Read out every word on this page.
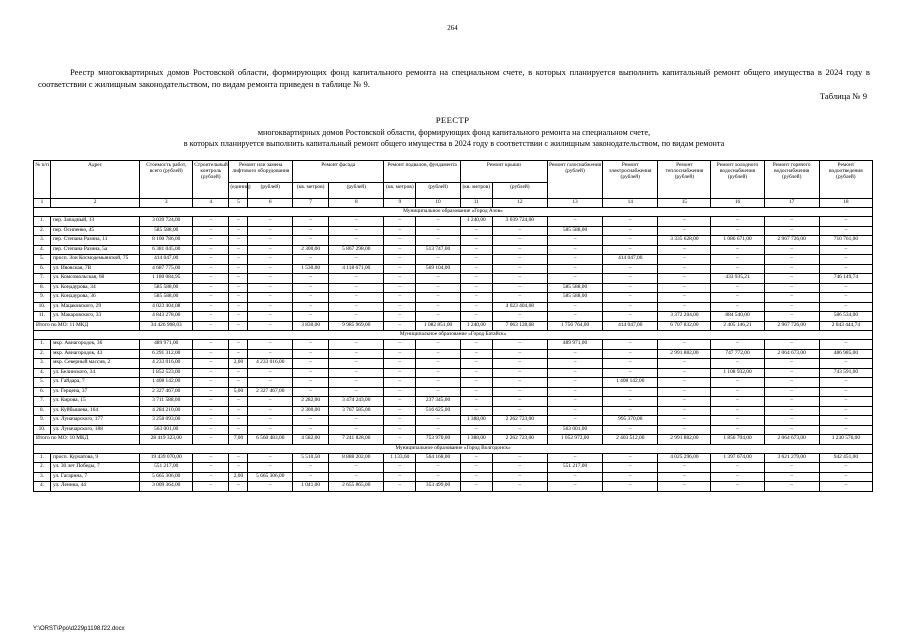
264
Реестр многоквартирных домов Ростовской области, формирующих фонд капитального ремонта на специальном счете, в которых планируется выполнить капитальный ремонт общего имущества в 2024 году в соответствии с жилищным законодательством, по видам ремонта приведен в таблице № 9.
Таблица № 9
РЕЕСТР
многоквартирных домов Ростовской области, формирующих фонд капитального ремонта на специальном счете,
в которых планируется выполнить капитальный ремонт общего имущества в 2024 году в соответствии с жилищным законодательством, по видам ремонта
№ п/п	Адрес	Стоимость работ, всего (рублей)	Строительный контроль (рублей)	Ремонт или замена лифтового оборудования		Ремонт фасада		Ремонт подвалов, фундамента		Ремонт крыши		Ремонт газоснабжения (рублей)	Ремонт электроснабжения (рублей)	Ремонт теплоснабжения (рублей)	Ремонт холодного водоснабжения (рублей)	Ремонт горячего водоснабжения (рублей)	Ремонт водоотведения (рублей)
				(единиц)	(рублей)	(кв. метров)	(рублей)	(кв. метров)	(рублей)	(кв. метров)	(рублей)						
1	2	3	4	5	6	7	8	9	10	11	12	13	14	15	16	17	18
Муниципальное образование «Город Азов»																	
1.	пер. Западный, 13	3 039 724,00	–	–	–	–	–	–	–	1 240,00	3 039 724,00	–	–	–	–	–	–
2.	пер. Осипенко, 45	585 588,00	–	–	–	–	–	–	–	–	–	585 588,00	–	–	–	–	–
3.	пер. Степана Разина, 11	8 100 786,00	–	–	–	–	–	–	–	–	–	–	–	3 335 628,00	1 086 671,00	2 967 726,00	710 761,00
4.	пер. Степана Разина, 5а	6 381 045,00	–	–	–	2 300,00	5 867 298,00	–	513 747,00	–	–	–	–	–	–	–	–
5.	просп. Зои Космодемьянской, 75	414 047,00	–	–	–	–	–	–	–	–	–	–	414 047,00	–	–	–	–
6.	ул. Ивовская, 7В	4 687 775,00	–	–	–	1 530,00	4 118 671,00	–	569 104,00	–	–	–	–	–	–	–	–
7.	ул. Комсомольская, 68	1 180 084,95	–	–	–	–	–	–	–	–	–	–	–	–	433 935,21	–	746 149,74
8.	ул. Кондаурова, 34	585 588,00	–	–	–	–	–	–	–	–	–	585 588,00	–	–	–	–	–
9.	ул. Кондаурова, 36	585 588,00	–	–	–	–	–	–	–	–	–	585 588,00	–	–	–	–	–
10.	ул. Мацаковского, 29	4 023 404,08	–	–	–	–	–	–	–	–	4 023 404,08	–	–	–	–	–	–
11.	ул. Макаровского, 33	4 843 278,00	–	–	–	–	–	–	–	–	–	–	–	3 372 204,00	884 540,00	–	586 534,00
Итого по МО: 11 МКД		34 426 908,03	–	–	–	3 830,00	9 985 969,00	–	1 082 851,00	1 240,00	7 063 128,08	1 756 764,00	414 047,00	6 707 832,00	2 405 146,21	2 967 726,00	2 043 444,74
Муниципальное образование «Город Батайск»																	
1.	мкр. Авиагородок, 36	489 971,00	–	–	–	–	–	–	–	–	–	489 971,00	–	–	–	–	–
2.	мкр. Авиагородок, 43	6 291 312,00	–	–	–	–	–	–	–	–	–	–	–	2 991 882,00	747 772,00	2 064 673,00	486 985,00
3.	мкр. Северный массив, 2	4 233 016,00	–	2,00	4 233 016,00	–	–	–	–	–	–	–	–	–	–	–	–
4.	ул. Белинского, 34	1 852 523,00	–	–	–	–	–	–	–	–	–	–	–	–	1 108 932,00	–	743 591,00
5.	ул. Гайдара, 7	1 408 142,00	–	–	–	–	–	–	–	–	–	–	1 408 142,00	–	–	–	–
6.	ул. Герцена, 37	2 327 467,00	–	5,00	2 327 467,00	–	–	–	–	–	–	–	–	–	–	–	–
7.	ул. Кирова, 15	3 711 588,00	–	–	–	2 282,00	3 474 243,00	–	237 345,00	–	–	–	–	–	–	–	–
8.	ул. Куйбышева, 164	4 284 210,00	–	–	–	2 300,00	3 767 585,00	–	516 625,00	–	–	–	–	–	–	–	–
9.	ул. Луначарского, 177	3 258 093,00	–	–	–	–	–	–	–	1 388,00	2 262 723,00	–	995 370,00	–	–	–	–
10.	ул. Луначарского, 188	563 001,00	–	–	–	–	–	–	–	–	–	563 001,00	–	–	–	–	–
Итого по МО: 10 МКД		28 419 323,00	–	7,00	6 560 483,00	4 582,00	7 241 828,00	–	753 970,00	1 388,00	2 262 723,00	1 052 972,00	2 403 512,00	2 991 882,00	1 856 704,00	2 064 673,00	1 230 576,00
Муниципальное образование «Город Волгодонск»																	
1.	просп. Курчатова, 9	19 439 070,00	–	–	–	5 510,50	8 888 202,00	1 133,60	564 168,00	–	–	–	–	4 025 296,00	1 397 674,00	3 621 279,00	942 451,00
2.	ул. 30 лет Победы, 7	551 217,00	–	–	–	–	–	–	–	–	–	551 217,00	–	–	–	–	–
3.	ул. Гагарина, 7	5 665 306,00	–	2,00	5 665 306,00	–	–	–	–	–	–	–	–	–	–	–	–
4.	ул. Ленина, 44	3 009 364,00	–	–	–	1 041,00	2 655 865,00	–	353 499,00	–	–	–	–	–	–	–	–
Y:\ORST\Ppo\d229p1198.f22.docx
